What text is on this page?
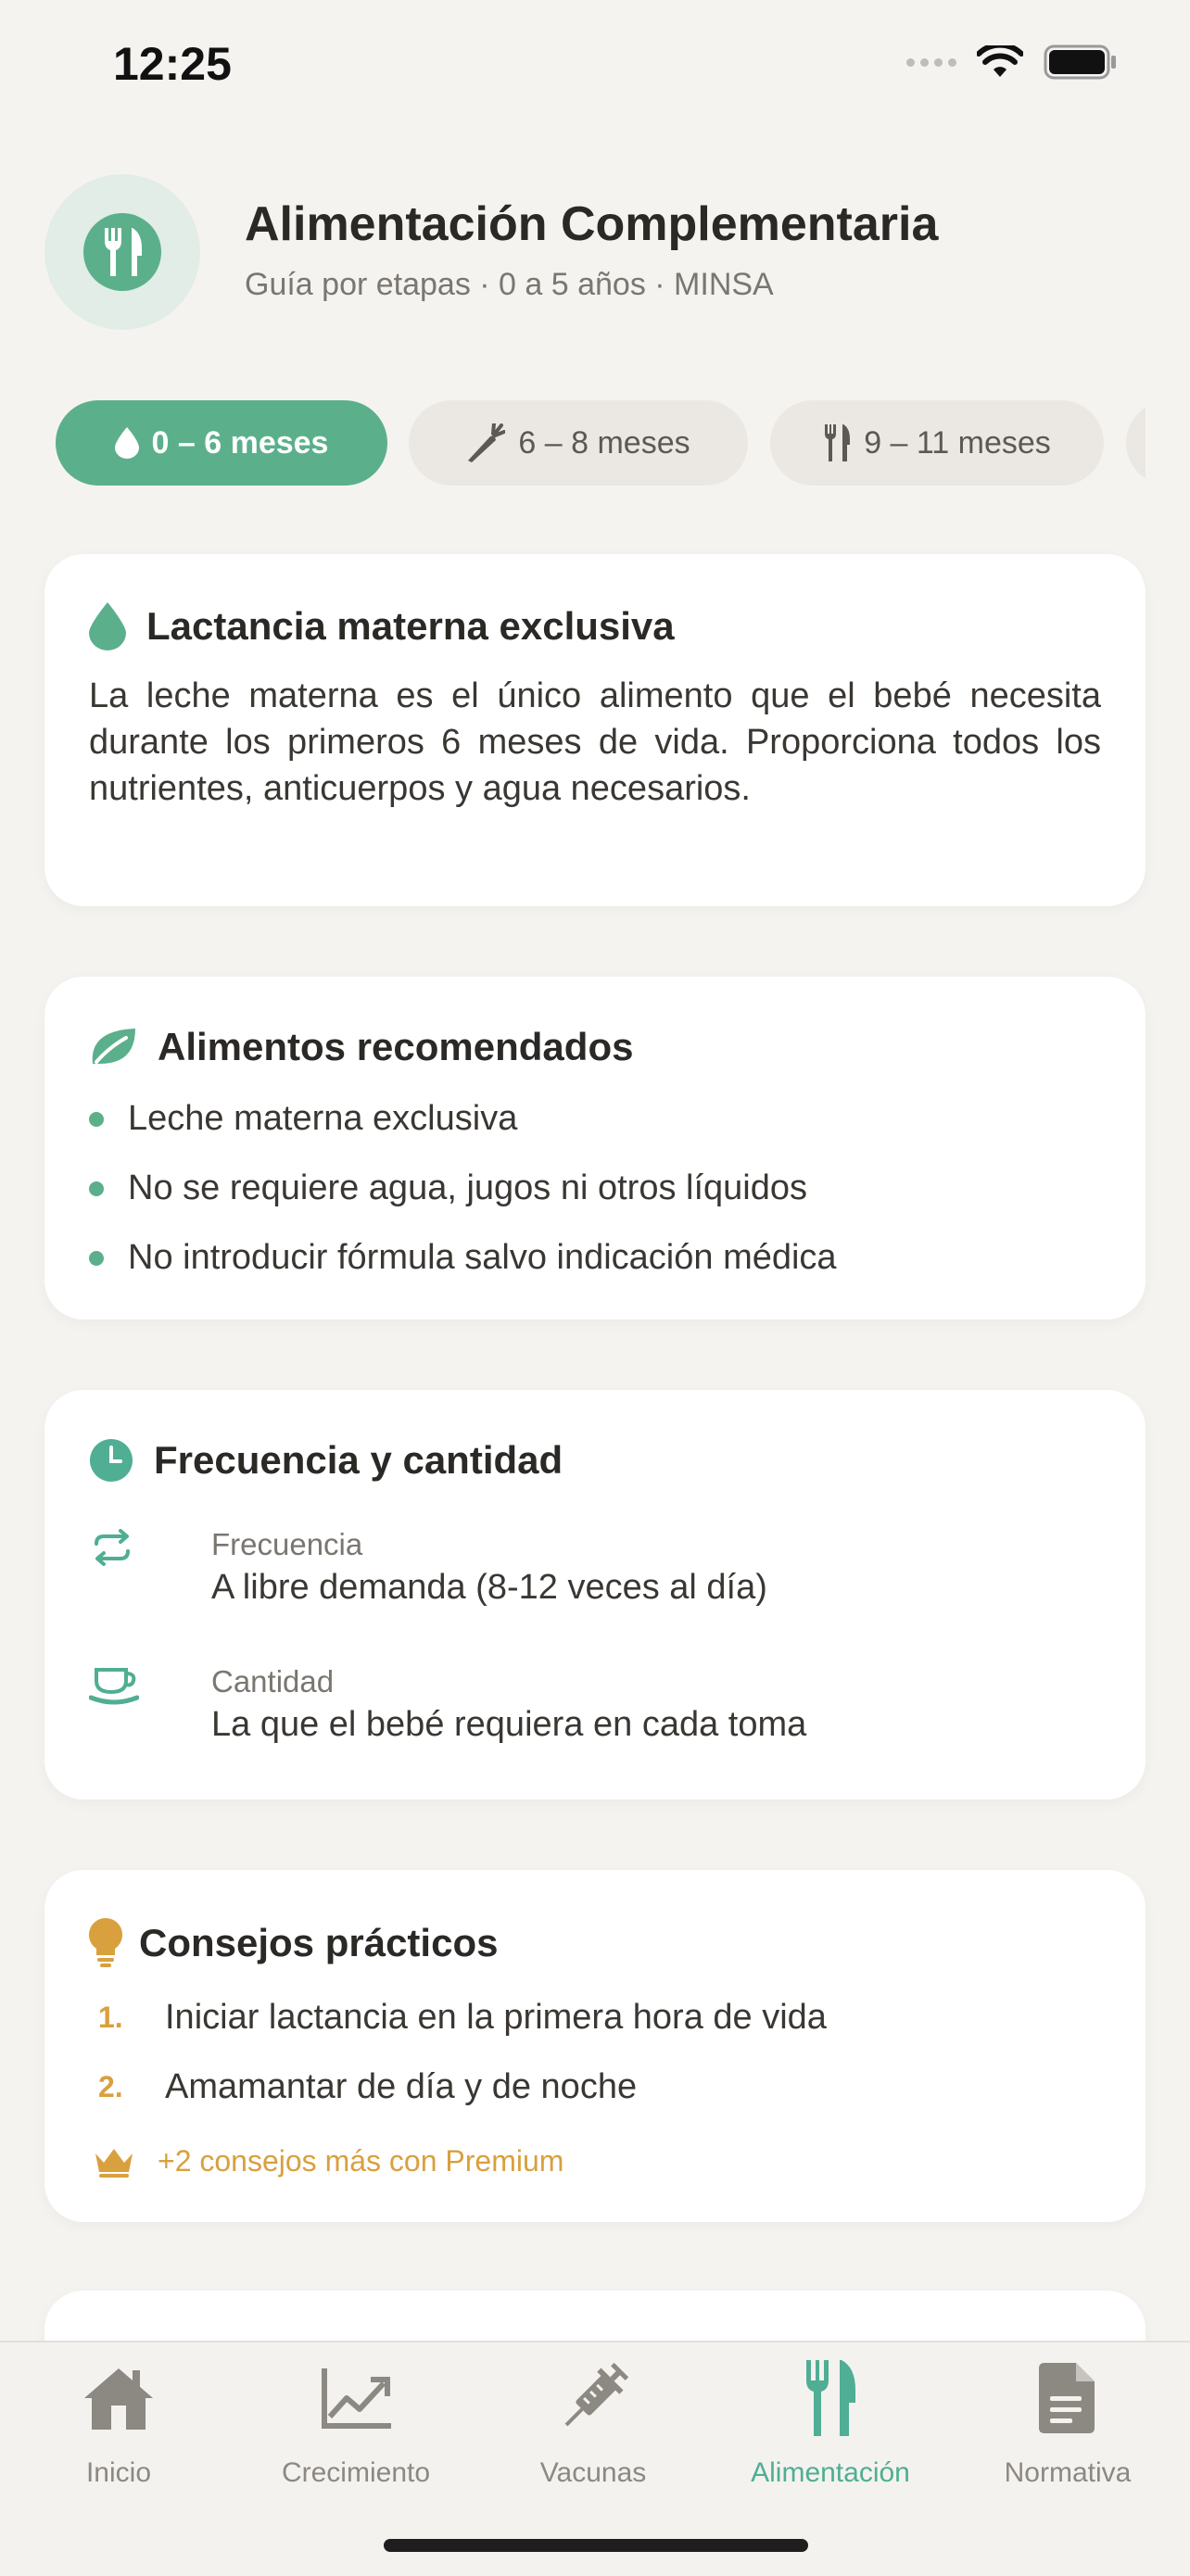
12:25
Alimentación Complementaria
Guía por etapas · 0 a 5 años · MINSA
0 – 6 meses	6 – 8 meses	9 – 11 meses
Lactancia materna exclusiva
La leche materna es el único alimento que el bebé necesita durante los primeros 6 meses de vida. Proporciona todos los nutrientes, anticuerpos y agua necesarios.
Alimentos recomendados
Leche materna exclusiva
No se requiere agua, jugos ni otros líquidos
No introducir fórmula salvo indicación médica
Frecuencia y cantidad
Frecuencia
A libre demanda (8-12 veces al día)
Cantidad
La que el bebé requiera en cada toma
Consejos prácticos
1.	Iniciar lactancia en la primera hora de vida
2.	Amamantar de día y de noche
+2 consejos más con Premium
Inicio	Crecimiento	Vacunas	Alimentación	Normativa
